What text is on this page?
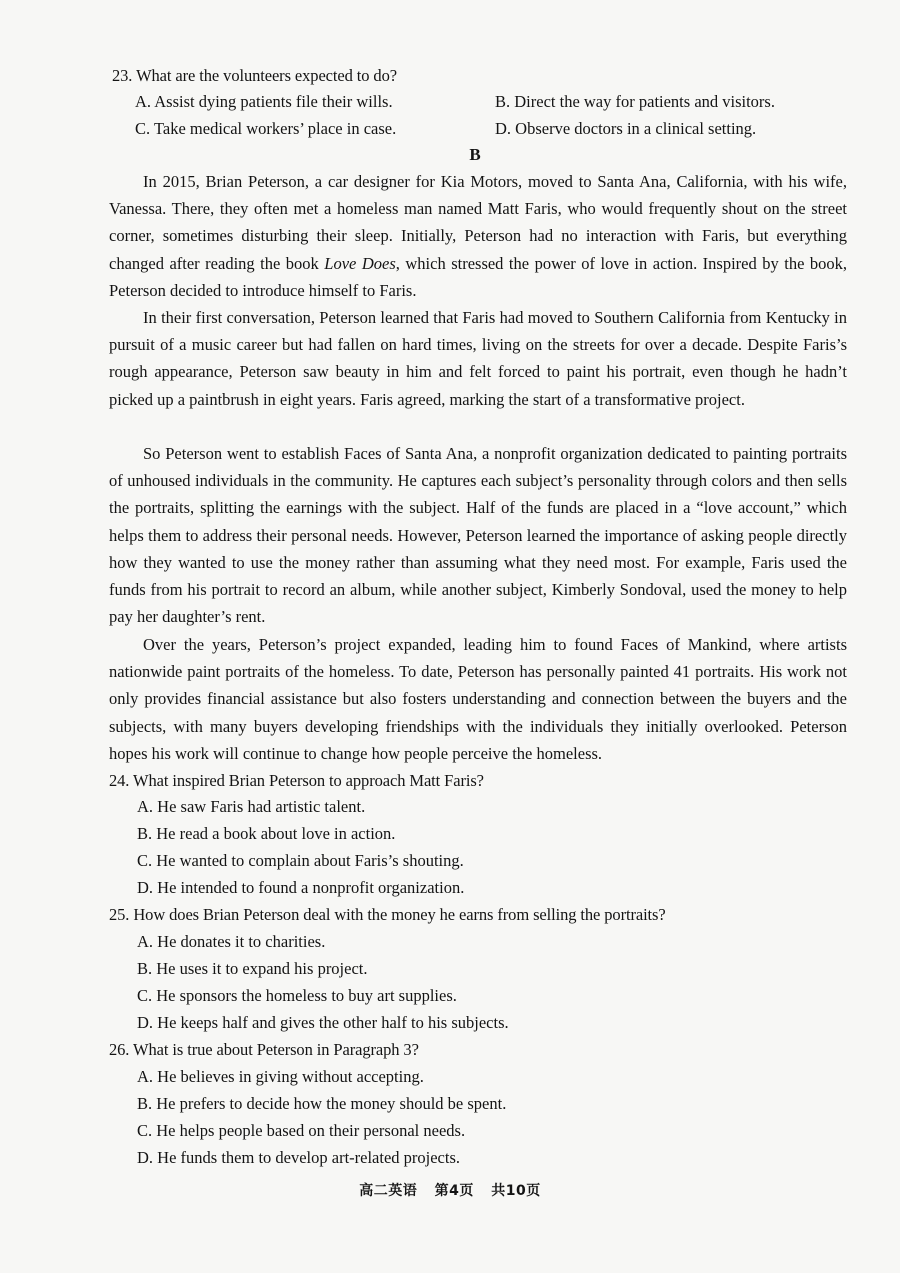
23. What are the volunteers expected to do?
A. Assist dying patients file their wills.	B. Direct the way for patients and visitors.
C. Take medical workers’ place in case.	D. Observe doctors in a clinical setting.
B

In 2015, Brian Peterson, a car designer for Kia Motors, moved to Santa Ana, California, with his wife, Vanessa. There, they often met a homeless man named Matt Faris, who would frequently shout on the street corner, sometimes disturbing their sleep. Initially, Peterson had no interaction with Faris, but everything changed after reading the book Love Does, which stressed the power of love in action. Inspired by the book, Peterson decided to introduce himself to Faris.

In their first conversation, Peterson learned that Faris had moved to Southern California from Kentucky in pursuit of a music career but had fallen on hard times, living on the streets for over a decade. Despite Faris’s rough appearance, Peterson saw beauty in him and felt forced to paint his portrait, even though he hadn’t picked up a paintbrush in eight years. Faris agreed, marking the start of a transformative project.

So Peterson went to establish Faces of Santa Ana, a nonprofit organization dedicated to painting portraits of unhoused individuals in the community. He captures each subject’s personality through colors and then sells the portraits, splitting the earnings with the subject. Half of the funds are placed in a “love account,” which helps them to address their personal needs. However, Peterson learned the importance of asking people directly how they wanted to use the money rather than assuming what they need most. For example, Faris used the funds from his portrait to record an album, while another subject, Kimberly Sondoval, used the money to help pay her daughter’s rent.

Over the years, Peterson’s project expanded, leading him to found Faces of Mankind, where artists nationwide paint portraits of the homeless. To date, Peterson has personally painted 41 portraits. His work not only provides financial assistance but also fosters understanding and connection between the buyers and the subjects, with many buyers developing friendships with the individuals they initially overlooked. Peterson hopes his work will continue to change how people perceive the homeless.

24. What inspired Brian Peterson to approach Matt Faris?
A. He saw Faris had artistic talent.
B. He read a book about love in action.
C. He wanted to complain about Faris’s shouting.
D. He intended to found a nonprofit organization.
25. How does Brian Peterson deal with the money he earns from selling the portraits?
A. He donates it to charities.
B. He uses it to expand his project.
C. He sponsors the homeless to buy art supplies.
D. He keeps half and gives the other half to his subjects.
26. What is true about Peterson in Paragraph 3?
A. He believes in giving without accepting.
B. He prefers to decide how the money should be spent.
C. He helps people based on their personal needs.
D. He funds them to develop art-related projects.
高二英语 第4页 共10页
